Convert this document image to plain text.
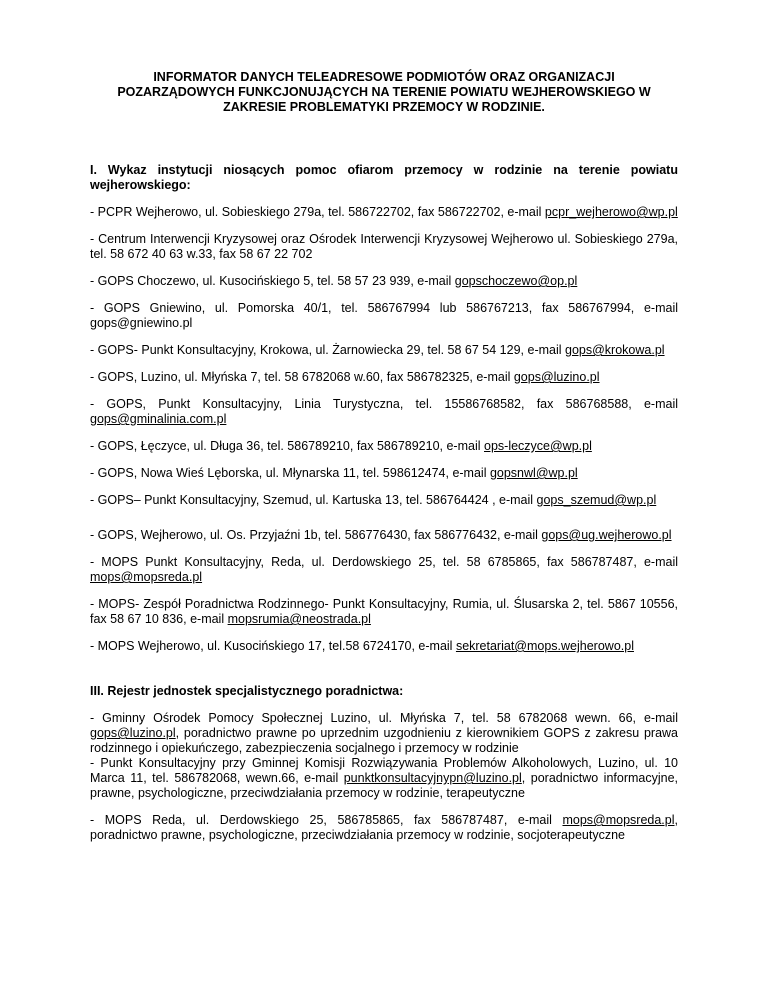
INFORMATOR DANYCH TELEADRESOWE PODMIOTÓW ORAZ ORGANIZACJI
POZARZĄDOWYCH FUNKCJONUJĄCYCH NA TERENIE POWIATU WEJHEROWSKIEGO W
ZAKRESIE PROBLEMATYKI PRZEMOCY W RODZINIE.
I. Wykaz instytucji niosących pomoc ofiarom przemocy w rodzinie na terenie powiatu wejherowskiego:

- PCPR Wejherowo, ul. Sobieskiego 279a, tel. 586722702, fax 586722702, e-mail pcpr_wejherowo@wp.pl

- Centrum Interwencji Kryzysowej oraz Ośrodek Interwencji Kryzysowej Wejherowo ul. Sobieskiego 279a, tel. 58 672 40 63 w.33, fax 58 67 22 702

- GOPS Choczewo, ul. Kusocińskiego 5, tel. 58 57 23 939, e-mail gopschoczewo@op.pl

- GOPS Gniewino, ul. Pomorska 40/1, tel. 586767994 lub 586767213, fax 586767994, e-mail gops@gniewino.pl

- GOPS- Punkt Konsultacyjny, Krokowa, ul. Żarnowiecka 29, tel. 58 67 54 129, e-mail gops@krokowa.pl

- GOPS, Luzino, ul. Młyńska 7, tel. 58 6782068 w.60, fax 586782325, e-mail gops@luzino.pl

- GOPS, Punkt Konsultacyjny, Linia Turystyczna, tel. 15586768582, fax 586768588, e-mail gops@gminalinia.com.pl

- GOPS, Łęczyce, ul. Długa 36, tel. 586789210, fax 586789210, e-mail ops-leczyce@wp.pl

- GOPS, Nowa Wieś Lęborska, ul. Młynarska 11, tel. 598612474, e-mail gopsnwl@wp.pl

- GOPS– Punkt Konsultacyjny, Szemud, ul. Kartuska 13, tel. 586764424 , e-mail gops_szemud@wp.pl

- GOPS, Wejherowo, ul. Os. Przyjaźni 1b, tel. 586776430, fax 586776432, e-mail gops@ug.wejherowo.pl

- MOPS Punkt Konsultacyjny, Reda, ul. Derdowskiego 25, tel. 58 6785865, fax 586787487, e-mail mops@mopsreda.pl

- MOPS- Zespół Poradnictwa Rodzinnego- Punkt Konsultacyjny, Rumia, ul. Ślusarska 2, tel. 5867 10556, fax 58 67 10 836, e-mail mopsrumia@neostrada.pl

- MOPS Wejherowo, ul. Kusocińskiego 17, tel.58 6724170, e-mail sekretariat@mops.wejherowo.pl

III. Rejestr jednostek specjalistycznego poradnictwa:

- Gminny Ośrodek Pomocy Społecznej Luzino, ul. Młyńska 7, tel. 58 6782068 wewn. 66, e-mail gops@luzino.pl, poradnictwo prawne po uprzednim uzgodnieniu z kierownikiem GOPS z zakresu prawa rodzinnego i opiekuńczego, zabezpieczenia socjalnego i przemocy w rodzinie
- Punkt Konsultacyjny przy Gminnej Komisji Rozwiązywania Problemów Alkoholowych, Luzino, ul. 10 Marca 11, tel. 586782068, wewn.66, e-mail punktkonsultacyjnypn@luzino.pl, poradnictwo informacyjne, prawne, psychologiczne, przeciwdziałania przemocy w rodzinie, terapeutyczne

- MOPS Reda, ul. Derdowskiego 25, 586785865, fax 586787487, e-mail mops@mopsreda.pl, poradnictwo prawne, psychologiczne, przeciwdziałania przemocy w rodzinie, socjoterapeutyczne
